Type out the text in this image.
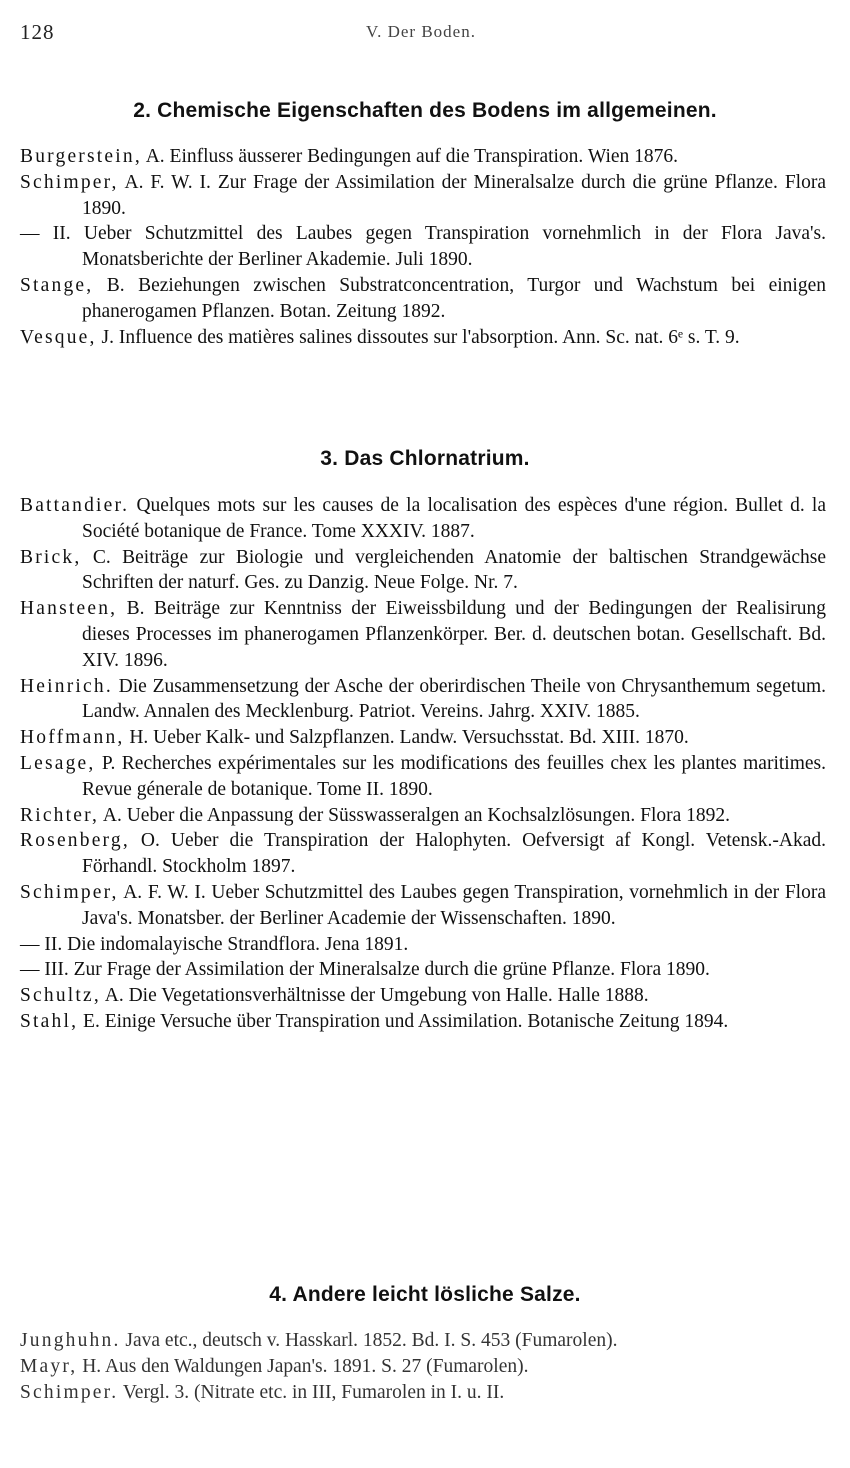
128	V. Der Boden.
2. Chemische Eigenschaften des Bodens im allgemeinen.

Burgerstein, A. Einfluss äusserer Bedingungen auf die Transpiration. Wien 1876.

Schimper, A. F. W. I. Zur Frage der Assimilation der Mineralsalze durch die grüne Pflanze. Flora 1890.

— II. Ueber Schutzmittel des Laubes gegen Transpiration vornehmlich in der Flora Java's. Monatsberichte der Berliner Akademie. Juli 1890.

Stange, B. Beziehungen zwischen Substratconcentration, Turgor und Wachstum bei einigen phanerogamen Pflanzen. Botan. Zeitung 1892.

Vesque, J. Influence des matières salines dissoutes sur l'absorption. Ann. Sc. nat. 6ᵉ s. T. 9.

3. Das Chlornatrium.

Battandier. Quelques mots sur les causes de la localisation des espèces d'une région. Bullet d. la Société botanique de France. Tome XXXIV. 1887.

Brick, C. Beiträge zur Biologie und vergleichenden Anatomie der baltischen Strandgewächse Schriften der naturf. Ges. zu Danzig. Neue Folge. Nr. 7.

Hansteen, B. Beiträge zur Kenntniss der Eiweissbildung und der Bedingungen der Realisirung dieses Processes im phanerogamen Pflanzenkörper. Ber. d. deutschen botan. Gesellschaft. Bd. XIV. 1896.

Heinrich. Die Zusammensetzung der Asche der oberirdischen Theile von Chrysanthemum segetum. Landw. Annalen des Mecklenburg. Patriot. Vereins. Jahrg. XXIV. 1885.

Hoffmann, H. Ueber Kalk- und Salzpflanzen. Landw. Versuchsstat. Bd. XIII. 1870.

Lesage, P. Recherches expérimentales sur les modifications des feuilles chex les plantes maritimes. Revue génerale de botanique. Tome II. 1890.

Richter, A. Ueber die Anpassung der Süsswasseralgen an Kochsalzlösungen. Flora 1892.

Rosenberg, O. Ueber die Transpiration der Halophyten. Oefversigt af Kongl. Vetensk.-Akad. Förhandl. Stockholm 1897.

Schimper, A. F. W. I. Ueber Schutzmittel des Laubes gegen Transpiration, vornehmlich in der Flora Java's. Monatsber. der Berliner Academie der Wissenschaften. 1890.

— II. Die indomalayische Strandflora. Jena 1891.

— III. Zur Frage der Assimilation der Mineralsalze durch die grüne Pflanze. Flora 1890.

Schultz, A. Die Vegetationsverhältnisse der Umgebung von Halle. Halle 1888.

Stahl, E. Einige Versuche über Transpiration und Assimilation. Botanische Zeitung 1894.

4. Andere leicht lösliche Salze.

Junghuhn. Java etc., deutsch v. Hasskarl. 1852. Bd. I. S. 453 (Fumarolen).

Mayr, H. Aus den Waldungen Japan's. 1891. S. 27 (Fumarolen).

Schimper. Vergl. 3. (Nitrate etc. in III, Fumarolen in I. u. II.
